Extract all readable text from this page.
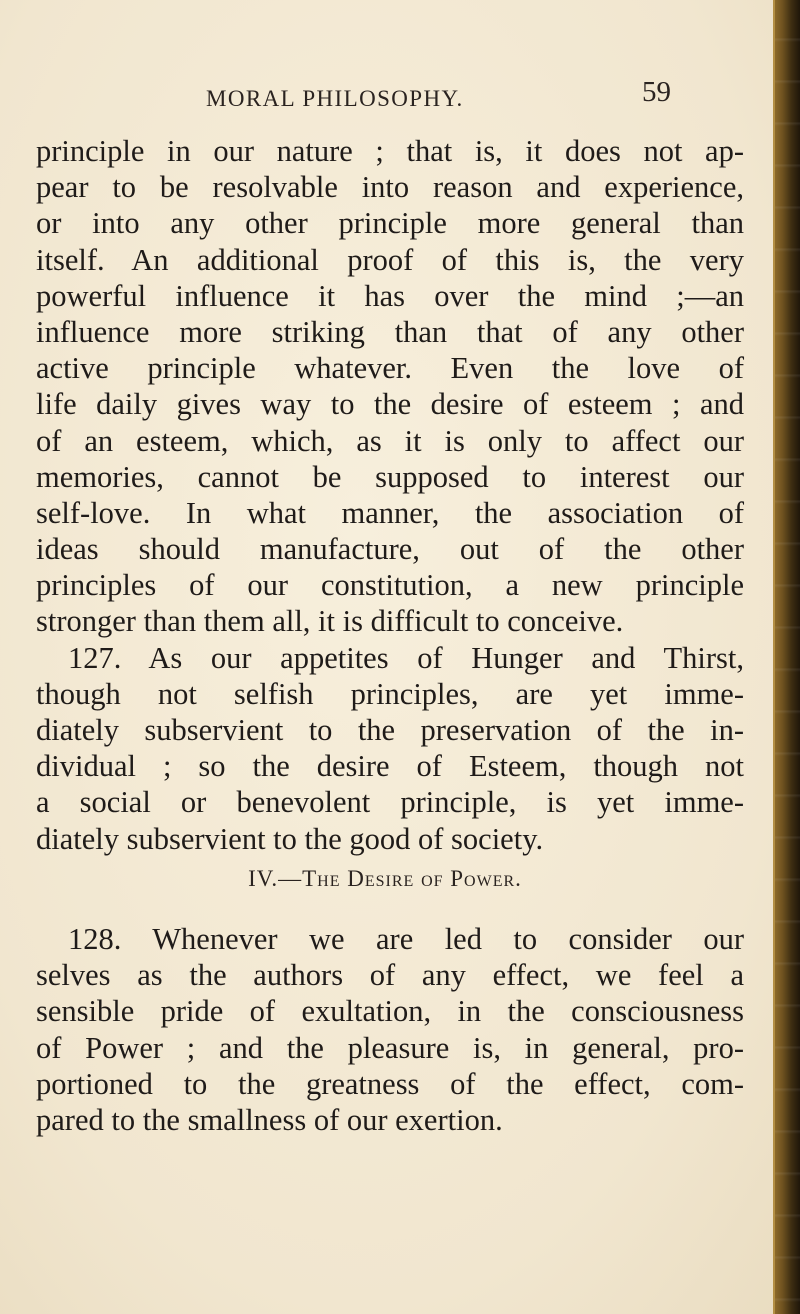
MORAL PHILOSOPHY.	59
principle in our nature ; that is, it does not ap-
pear to be resolvable into reason and experience,
or into any other principle more general than
itself. An additional proof of this is, the very
powerful influence it has over the mind ;—an
influence more striking than that of any other
active principle whatever. Even the love of
life daily gives way to the desire of esteem ; and
of an esteem, which, as it is only to affect our
memories, cannot be supposed to interest our
self-love. In what manner, the association of
ideas should manufacture, out of the other
principles of our constitution, a new principle
stronger than them all, it is difficult to conceive.
127. As our appetites of Hunger and Thirst,
though not selfish principles, are yet imme-
diately subservient to the preservation of the in-
dividual ; so the desire of Esteem, though not
a social or benevolent principle, is yet imme-
diately subservient to the good of society.
IV.—The Desire of Power.
128. Whenever we are led to consider our
selves as the authors of any effect, we feel a
sensible pride of exultation, in the consciousness
of Power ; and the pleasure is, in general, pro-
portioned to the greatness of the effect, com-
pared to the smallness of our exertion.
